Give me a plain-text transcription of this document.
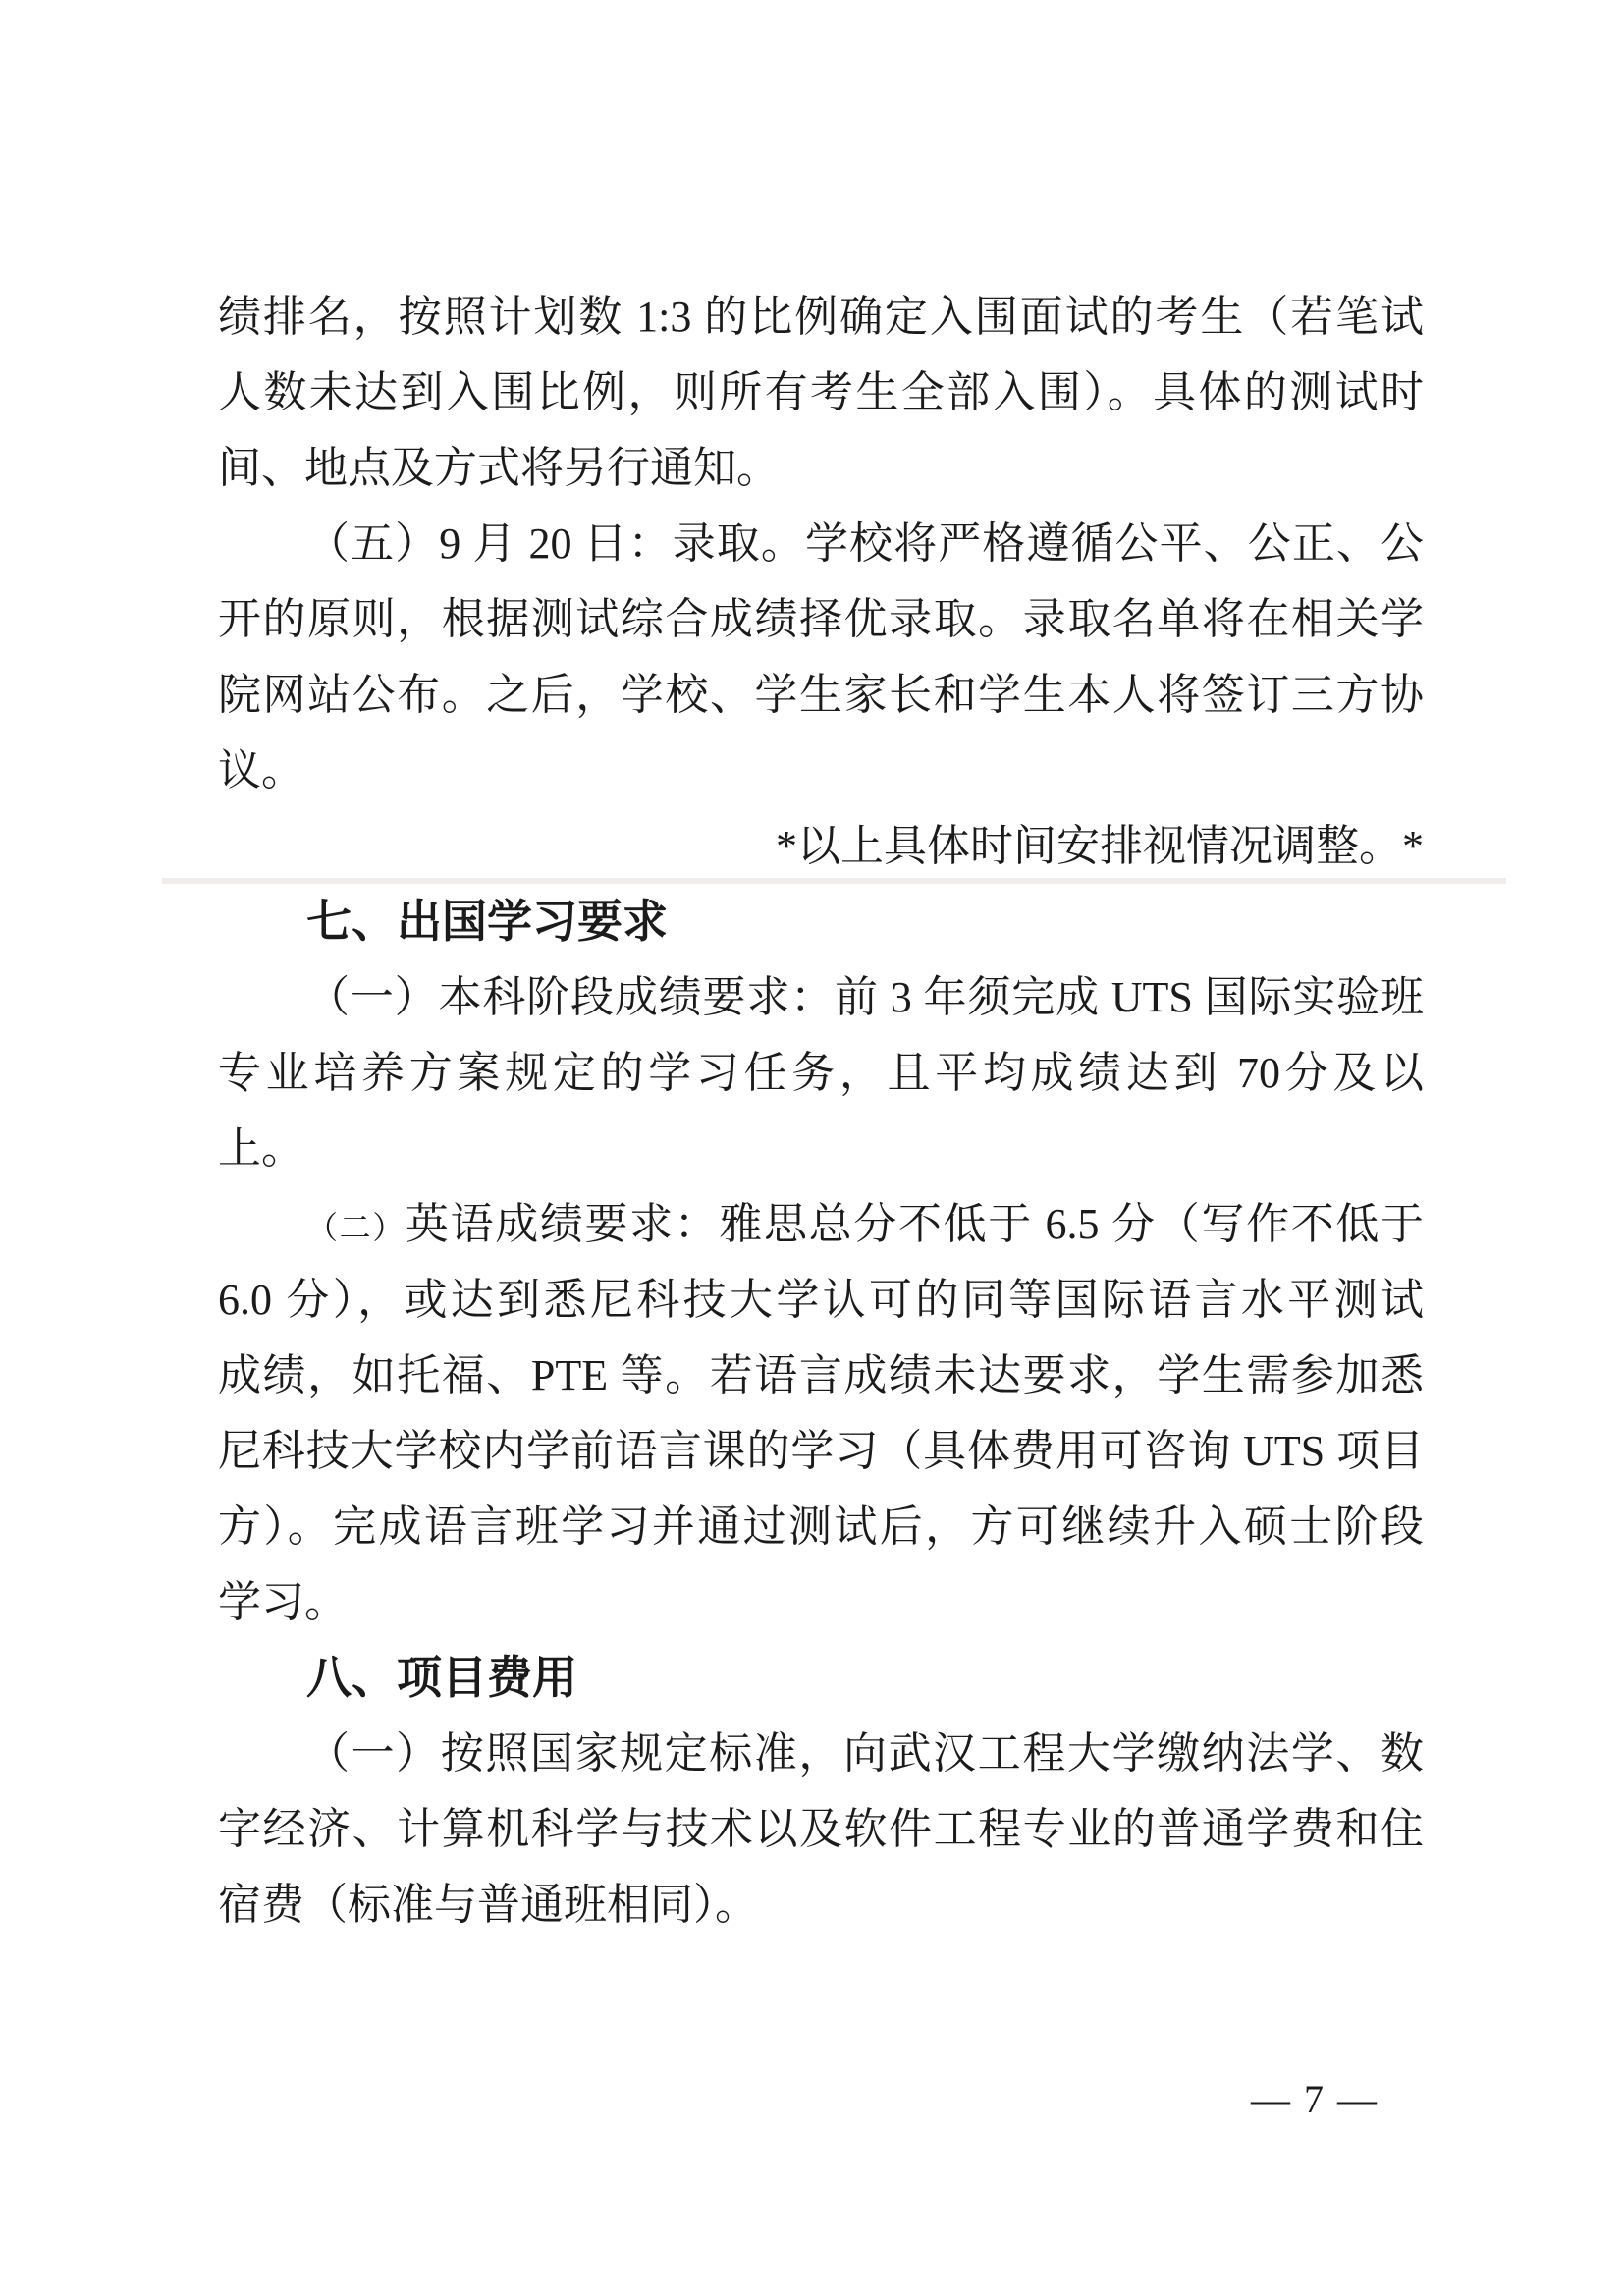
绩排名，按照计划数 1:3 的比例确定入围面试的考生（若笔试
人数未达到入围比例，则所有考生全部入围）。具体的测试时
间、地点及方式将另行通知。
（五）9 月 20 日：录取。学校将严格遵循公平、公正、公
开的原则，根据测试综合成绩择优录取。录取名单将在相关学
院网站公布。之后，学校、学生家长和学生本人将签订三方协
议。
*以上具体时间安排视情况调整。*
七、出国学习要求
（一）本科阶段成绩要求：前 3 年须完成 UTS 国际实验班
专业培养方案规定的学习任务，且平均成绩达到 70分及以
上。
（二）英语成绩要求：雅思总分不低于 6.5 分（写作不低于
6.0 分），或达到悉尼科技大学认可的同等国际语言水平测试
成绩，如托福、PTE 等。若语言成绩未达要求，学生需参加悉
尼科技大学校内学前语言课的学习（具体费用可咨询 UTS 项目
方）。完成语言班学习并通过测试后，方可继续升入硕士阶段
学习。
八、项目费用
（一）按照国家规定标准，向武汉工程大学缴纳法学、数
字经济、计算机科学与技术以及软件工程专业的普通学费和住
宿费（标准与普通班相同）。
— 7 —
